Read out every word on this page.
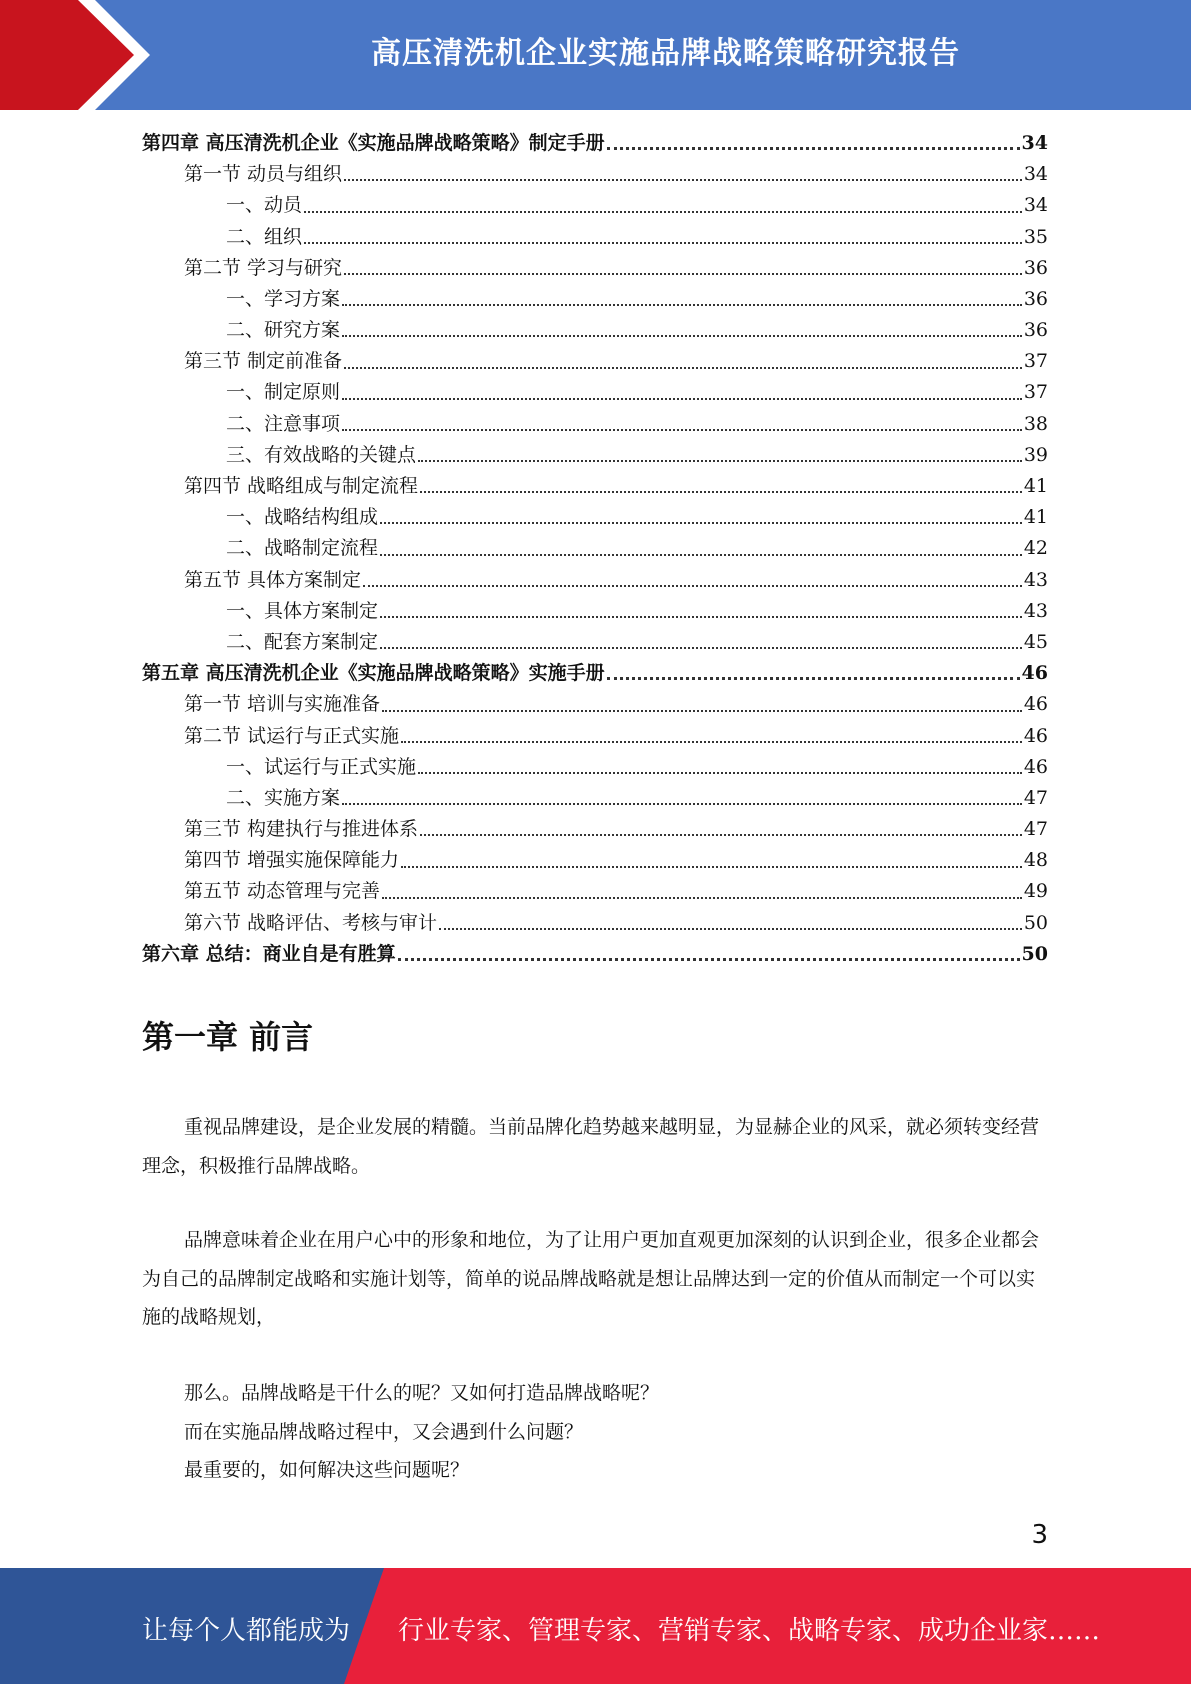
高压清洗机企业实施品牌战略策略研究报告
第四章 高压清洗机企业《实施品牌战略策略》制定手册	34
第一节 动员与组织	34
一、动员	34
二、组织	35
第二节 学习与研究	36
一、学习方案	36
二、研究方案	36
第三节 制定前准备	37
一、制定原则	37
二、注意事项	38
三、有效战略的关键点	39
第四节 战略组成与制定流程	41
一、战略结构组成	41
二、战略制定流程	42
第五节 具体方案制定	43
一、具体方案制定	43
二、配套方案制定	45
第五章 高压清洗机企业《实施品牌战略策略》实施手册	46
第一节 培训与实施准备	46
第二节 试运行与正式实施	46
一、试运行与正式实施	46
二、实施方案	47
第三节 构建执行与推进体系	47
第四节 增强实施保障能力	48
第五节 动态管理与完善	49
第六节 战略评估、考核与审计	50
第六章 总结：商业自是有胜算	50
第一章 前言

重视品牌建设，是企业发展的精髓。当前品牌化趋势越来越明显，为显赫企业的风采，就必须转变经营理念，积极推行品牌战略。

品牌意味着企业在用户心中的形象和地位，为了让用户更加直观更加深刻的认识到企业，很多企业都会为自己的品牌制定战略和实施计划等，简单的说品牌战略就是想让品牌达到一定的价值从而制定一个可以实施的战略规划，

那么。品牌战略是干什么的呢？又如何打造品牌战略呢？
而在实施品牌战略过程中，又会遇到什么问题？
最重要的，如何解决这些问题呢？
3
让每个人都能成为 行业专家、管理专家、营销专家、战略专家、成功企业家……
